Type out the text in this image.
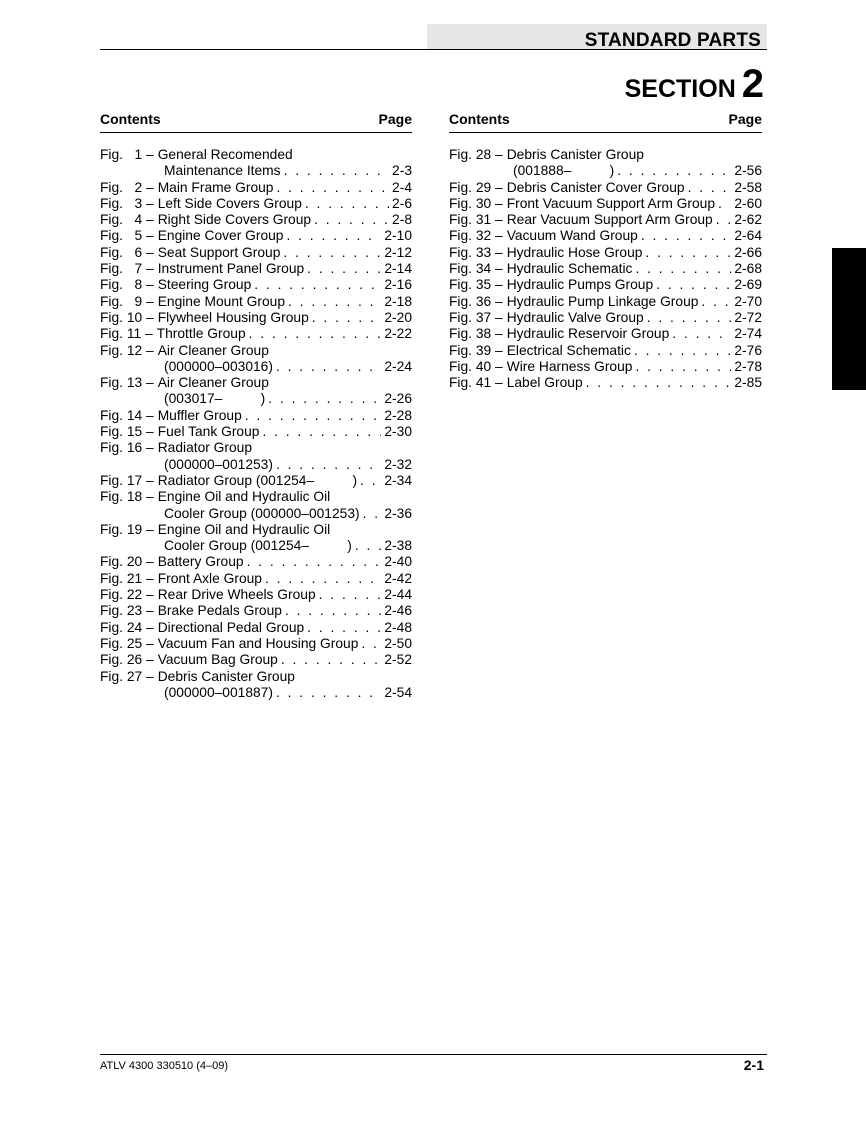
STANDARD PARTS
SECTION 2
Contents	Page
Fig.   1 – General Recomended
Maintenance Items . . .	2-3
Fig.   2 – Main Frame Group . . .	2-4
Fig.   3 – Left Side Covers Group . . .	2-6
Fig.   4 – Right Side Covers Group . . .	2-8
Fig.   5 – Engine Cover Group . . .	2-10
Fig.   6 – Seat Support Group . . .	2-12
Fig.   7 – Instrument Panel Group . . .	2-14
Fig.   8 – Steering Group . . .	2-16
Fig.   9 – Engine Mount Group . . .	2-18
Fig. 10 – Flywheel Housing Group . . .	2-20
Fig. 11 – Throttle Group . . .	2-22
Fig. 12 – Air Cleaner Group
(000000–003016) . . .	2-24
Fig. 13 – Air Cleaner Group
(003017–          ) . . .	2-26
Fig. 14 – Muffler Group . . .	2-28
Fig. 15 – Fuel Tank Group . . .	2-30
Fig. 16 – Radiator Group
(000000–001253) . . .	2-32
Fig. 17 – Radiator Group (001254–          ) . . . 2-34
Fig. 18 – Engine Oil and Hydraulic Oil
Cooler Group (000000–001253) . . . 2-36
Fig. 19 – Engine Oil and Hydraulic Oil
Cooler Group (001254–          ) . . . 2-38
Fig. 20 – Battery Group . . .	2-40
Fig. 21 – Front Axle Group . . .	2-42
Fig. 22 – Rear Drive Wheels Group . . .	2-44
Fig. 23 – Brake Pedals Group . . .	2-46
Fig. 24 – Directional Pedal Group . . .	2-48
Fig. 25 – Vacuum Fan and Housing Group . . . 2-50
Fig. 26 – Vacuum Bag Group . . .	2-52
Fig. 27 – Debris Canister Group
(000000–001887) . . .	2-54
Contents	Page
Fig. 28 – Debris Canister Group
(001888–          ) . . .	2-56
Fig. 29 – Debris Canister Cover Group . . .	2-58
Fig. 30 – Front Vacuum Support Arm Group . . . 2-60
Fig. 31 – Rear Vacuum Support Arm Group . . . 2-62
Fig. 32 – Vacuum Wand Group . . .	2-64
Fig. 33 – Hydraulic Hose Group . . .	2-66
Fig. 34 – Hydraulic Schematic . . .	2-68
Fig. 35 – Hydraulic Pumps Group . . .	2-69
Fig. 36 – Hydraulic Pump Linkage Group . . .	2-70
Fig. 37 – Hydraulic Valve Group . . .	2-72
Fig. 38 – Hydraulic Reservoir Group . . .	2-74
Fig. 39 – Electrical Schematic . . .	2-76
Fig. 40 – Wire Harness Group . . .	2-78
Fig. 41 – Label Group . . .	2-85
ATLV 4300 330510 (4–09)	2-1
